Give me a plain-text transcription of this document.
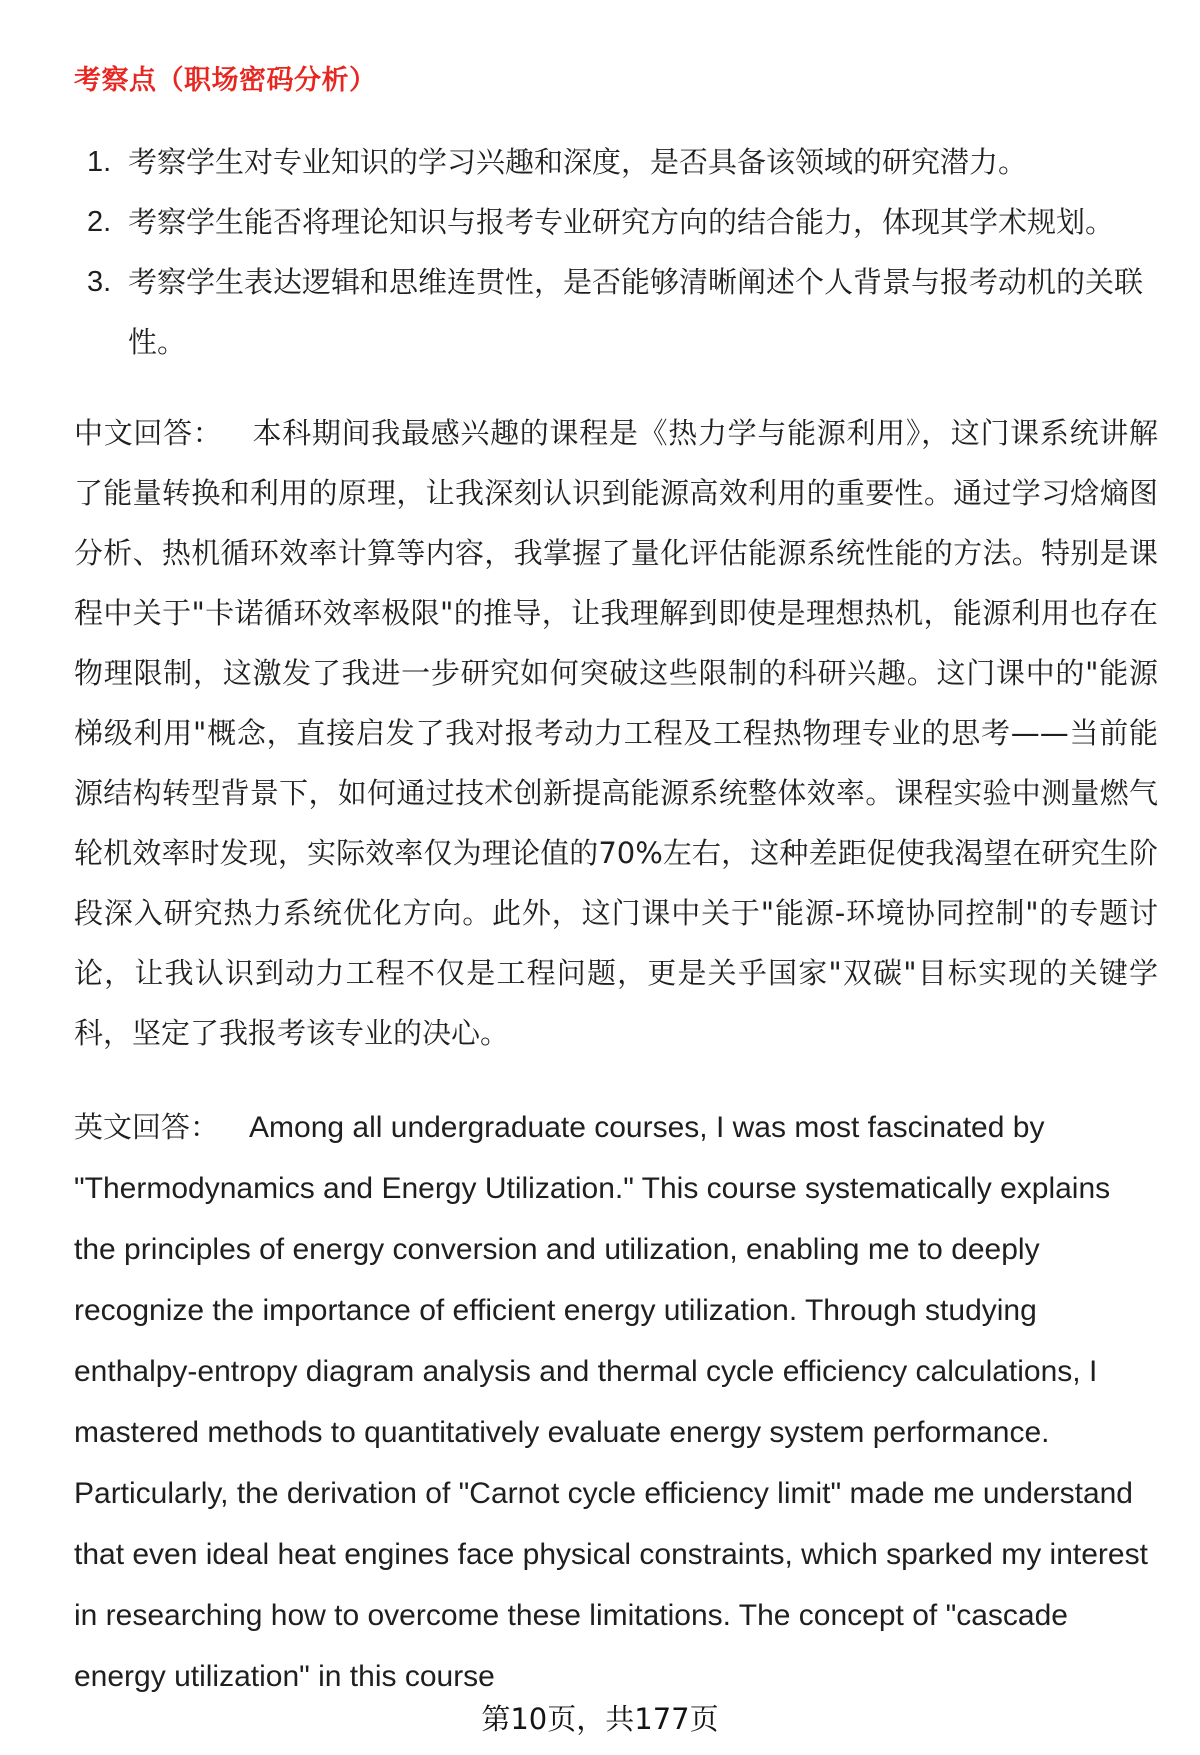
考察点（职场密码分析）
1. 考察学生对专业知识的学习兴趣和深度，是否具备该领域的研究潜力。
2. 考察学生能否将理论知识与报考专业研究方向的结合能力，体现其学术规划。
3. 考察学生表达逻辑和思维连贯性，是否能够清晰阐述个人背景与报考动机的关联性。

中文回答： 本科期间我最感兴趣的课程是《热力学与能源利用》，这门课系统讲解了能量转换和利用的原理，让我深刻认识到能源高效利用的重要性。通过学习焓熵图分析、热机循环效率计算等内容，我掌握了量化评估能源系统性能的方法。特别是课程中关于"卡诺循环效率极限"的推导，让我理解到即使是理想热机，能源利用也存在物理限制，这激发了我进一步研究如何突破这些限制的科研兴趣。这门课中的"能源梯级利用"概念，直接启发了我对报考动力工程及工程热物理专业的思考——当前能源结构转型背景下，如何通过技术创新提高能源系统整体效率。课程实验中测量燃气轮机效率时发现，实际效率仅为理论值的70%左右，这种差距促使我渴望在研究生阶段深入研究热力系统优化方向。此外，这门课中关于"能源-环境协同控制"的专题讨论，让我认识到动力工程不仅是工程问题，更是关乎国家"双碳"目标实现的关键学科，坚定了我报考该专业的决心。

英文回答： Among all undergraduate courses, I was most fascinated by "Thermodynamics and Energy Utilization." This course systematically explains the principles of energy conversion and utilization, enabling me to deeply recognize the importance of efficient energy utilization. Through studying enthalpy-entropy diagram analysis and thermal cycle efficiency calculations, I mastered methods to quantitatively evaluate energy system performance. Particularly, the derivation of "Carnot cycle efficiency limit" made me understand that even ideal heat engines face physical constraints, which sparked my interest in researching how to overcome these limitations. The concept of "cascade energy utilization" in this course

第10页，共177页
